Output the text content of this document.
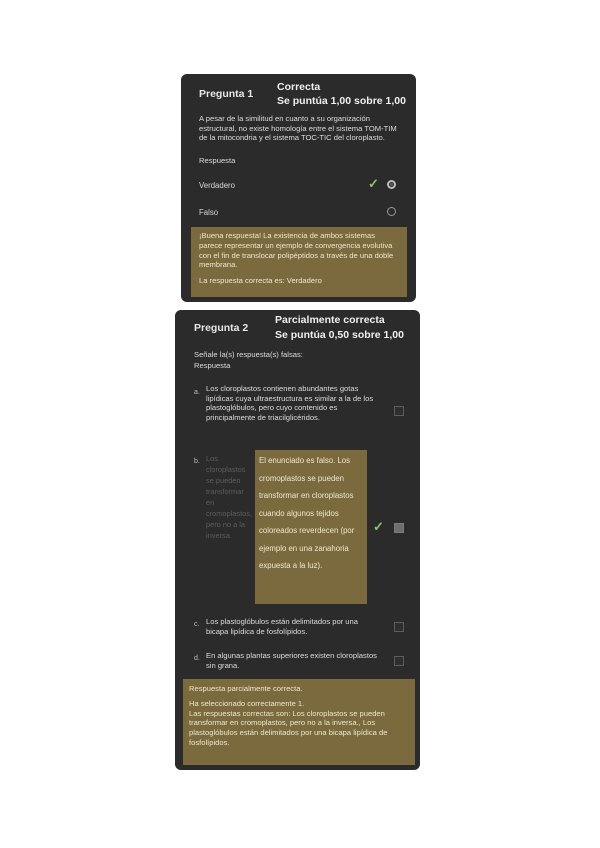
Pregunta 1
Correcta
Se puntúa 1,00 sobre 1,00
A pesar de la similitud en cuanto a su organización estructural, no existe homología entre el sistema TOM-TIM de la mitocondria y el sistema TOC-TIC del cloroplasto.
Respuesta
Verdadero	✓
Falso
¡Buena respuesta! La existencia de ambos sistemas parece representar un ejemplo de convergencia evolutiva con el fin de translocar polipéptidos a través de una doble membrana.
La respuesta correcta es: Verdadero
Pregunta 2
Parcialmente correcta
Se puntúa 0,50 sobre 1,00
Señale la(s) respuesta(s) falsas:
Respuesta
a. Los cloroplastos contienen abundantes gotas lipídicas cuya ultraestructura es similar a la de los plastoglóbulos, pero cuyo contenido es principalmente de triacilglicéridos.
b. Los cloroplastos se pueden transformar en cromoplastos, pero no a la inversa.
✓
El enunciado es falso. Los cromoplastos se pueden transformar en cloroplastos cuando algunos tejidos coloreados reverdecen (por ejemplo en una zanahoria expuesta a la luz).
c. Los plastoglóbulos están delimitados por una bicapa lipídica de fosfolípidos.
d. En algunas plantas superiores existen cloroplastos sin grana.
Respuesta parcialmente correcta.
Ha seleccionado correctamente 1.
Las respuestas correctas son: Los cloroplastos se pueden transformar en cromoplastos, pero no a la inversa., Los plastoglóbulos están delimitados por una bicapa lipídica de fosfolípidos.
